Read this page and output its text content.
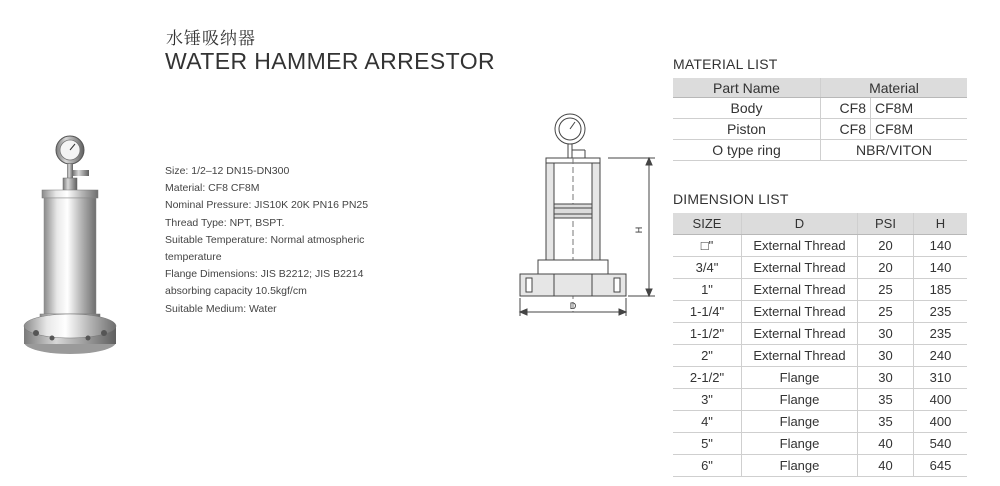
水锤吸纳器
WATER HAMMER ARRESTOR
Size: 1/2–12 DN15-DN300
Material: CF8 CF8M
Nominal Pressure: JIS10K 20K PN16 PN25
Thread Type: NPT, BSPT.
Suitable Temperature: Normal atmospheric
temperature
Flange Dimensions: JIS B2212; JIS B2214
absorbing capacity 10.5kgf/cm
Suitable Medium: Water
H
D
MATERIAL LIST
Part Name	Material	
Body	CF8	CF8M
Piston	CF8	CF8M
O type ring	NBR/VITON	
DIMENSION LIST
SIZE	D	PSI	H
□"	External Thread	20	140
3/4"	External Thread	20	140
1"	External Thread	25	185
1-1/4"	External Thread	25	235
1-1/2"	External Thread	30	235
2"	External Thread	30	240
2-1/2"	Flange	30	310
3"	Flange	35	400
4"	Flange	35	400
5"	Flange	40	540
6"	Flange	40	645
